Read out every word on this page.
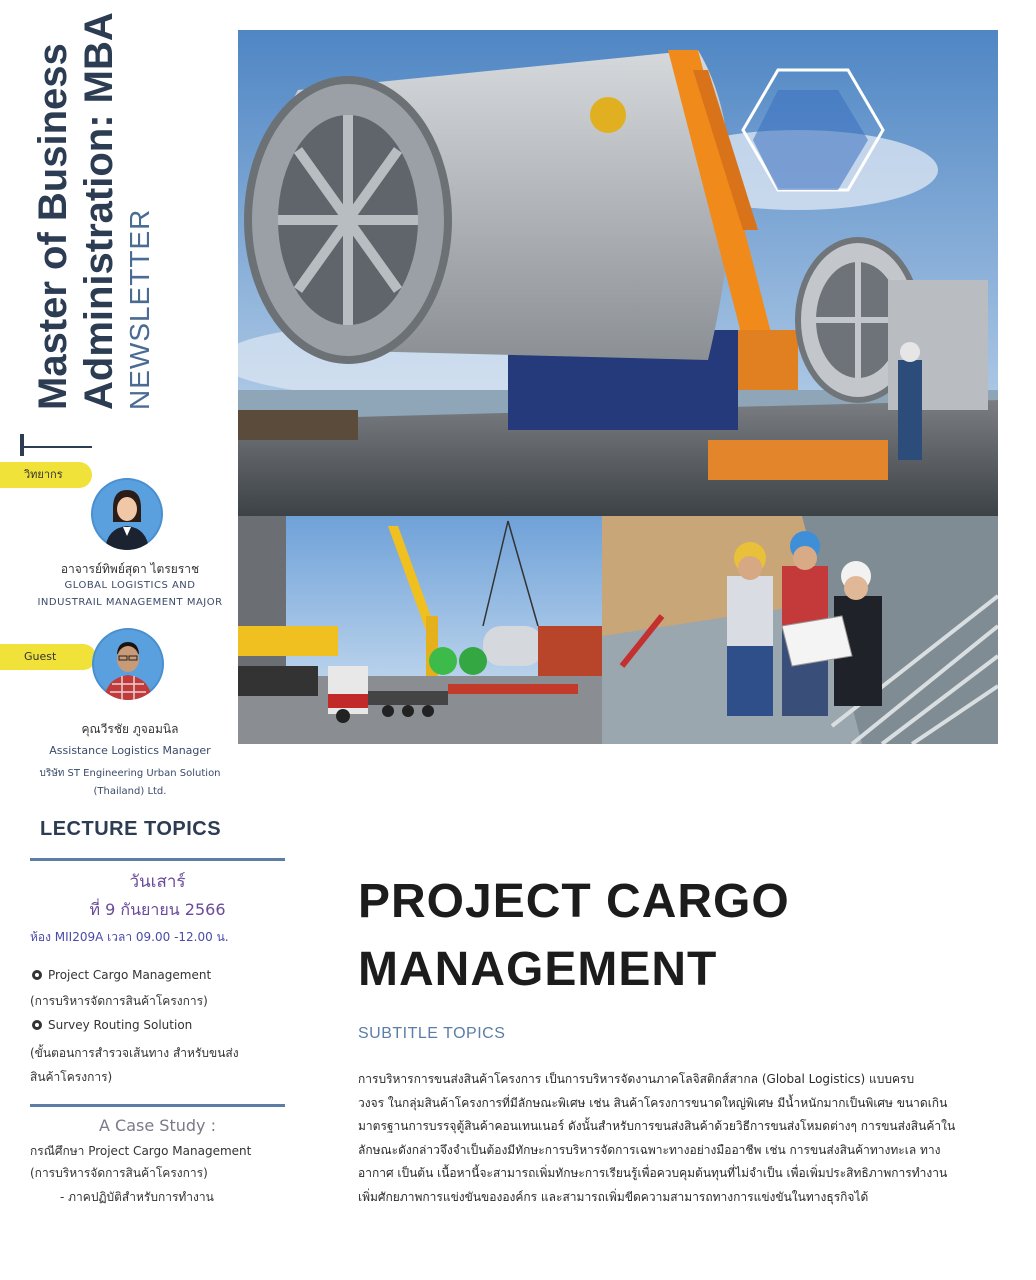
Master of Business Administration: MBA NEWSLETTER
วิทยากร
อาจารย์ทิพย์สุดา ไตรยราช
GLOBAL LOGISTICS AND
INDUSTRAIL MANAGEMENT MAJOR
Guest
คุณวีรชัย ภูจอมนิล
Assistance Logistics Manager
บริษัท ST Engineering Urban Solution
(Thailand) Ltd.
LECTURE TOPICS
วันเสาร์
ที่ 9 กันยายน 2566
ห้อง MII209A เวลา 09.00 -12.00 น.
Project Cargo Management
(การบริหารจัดการสินค้าโครงการ)
Survey Routing Solution
(ขั้นตอนการสำรวจเส้นทาง สำหรับขนส่ง
สินค้าโครงการ)
A Case Study :
กรณีศึกษา Project Cargo Management
(การบริหารจัดการสินค้าโครงการ)
- ภาคปฏิบัติสำหรับการทำงาน
PROJECT CARGO
MANAGEMENT
SUBTITLE TOPICS
การบริหารการขนส่งสินค้าโครงการ เป็นการบริหารจัดงานภาคโลจิสติกส์สากล (Global Logistics) แบบครบ
วงจร ในกลุ่มสินค้าโครงการที่มีลักษณะพิเศษ เช่น สินค้าโครงการขนาดใหญ่พิเศษ มีน้ำหนักมากเป็นพิเศษ ขนาดเกิน
มาตรฐานการบรรจุตู้สินค้าคอนเทนเนอร์ ดังนั้นสำหรับการขนส่งสินค้าด้วยวิธีการขนส่งโหมดต่างๆ การขนส่งสินค้าใน
ลักษณะดังกล่าวจึงจำเป็นต้องมีทักษะการบริหารจัดการเฉพาะทางอย่างมืออาชีพ เช่น การขนส่งสินค้าทางทะเล ทาง
อากาศ เป็นต้น เนื้อหานี้จะสามารถเพิ่มทักษะการเรียนรู้เพื่อควบคุมต้นทุนที่ไม่จำเป็น เพื่อเพิ่มประสิทธิภาพการทำงาน
เพิ่มศักยภาพการแข่งขันขององค์กร และสามารถเพิ่มขีดความสามารถทางการแข่งขันในทางธุรกิจได้
